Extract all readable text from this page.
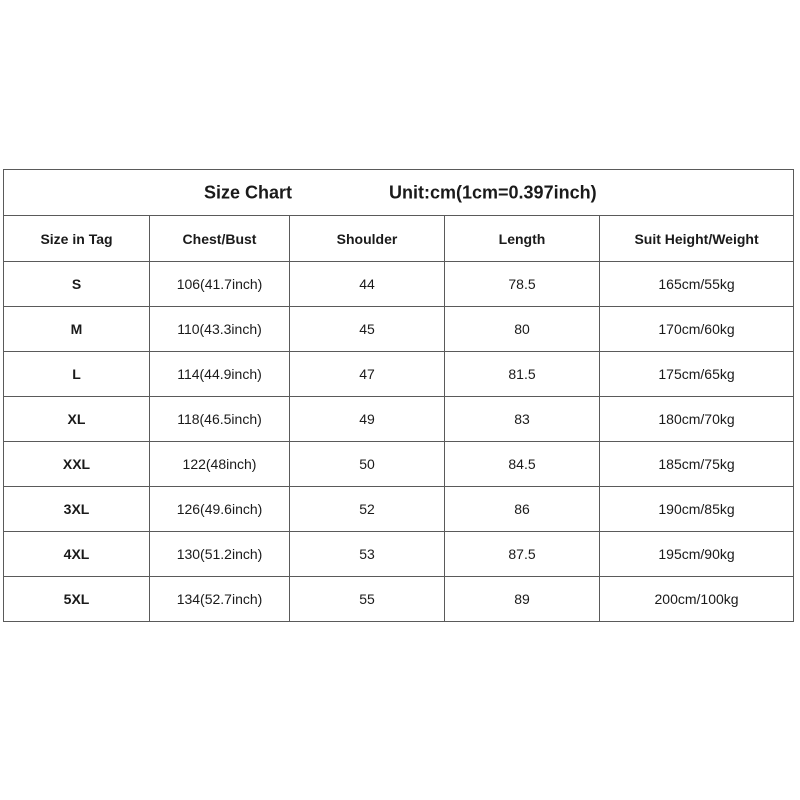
Size Chart Unit:cm(1cm=0.397inch)				

Size in Tag	Chest/Bust	Shoulder	Length	Suit Height/Weight
S	106(41.7inch)	44	78.5	165cm/55kg
M	110(43.3inch)	45	80	170cm/60kg
L	114(44.9inch)	47	81.5	175cm/65kg
XL	118(46.5inch)	49	83	180cm/70kg
XXL	122(48inch)	50	84.5	185cm/75kg
3XL	126(49.6inch)	52	86	190cm/85kg
4XL	130(51.2inch)	53	87.5	195cm/90kg
5XL	134(52.7inch)	55	89	200cm/100kg
